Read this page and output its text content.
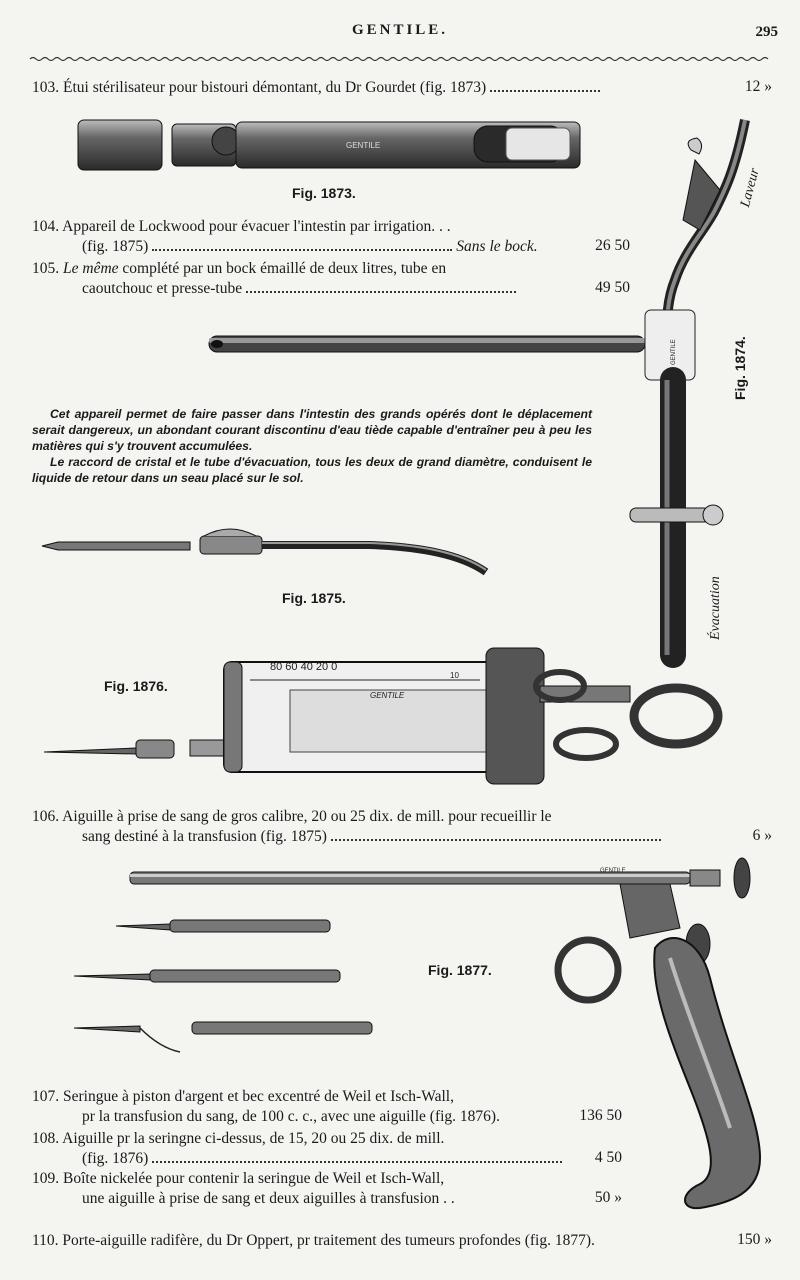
GENTILE.	295
103. Étui stérilisateur pour bistouri démontant, du Dr Gourdet (fig. 1873)	12 »
GENTILE
Fig. 1873.
104. Appareil de Lockwood pour évacuer l'intestin par irrigation. . .
(fig. 1875)	Sans le bock.	26 50
105. Le même complété par un bock émaillé de deux litres, tube en
caoutchouc et presse-tube	49 50
GENTILE	Fig. 1874.
Laveur
Évacuation

Cet appareil permet de faire passer dans l'intestin des grands opérés dont le déplacement serait dangereux, un abondant courant discontinu d'eau tiède capable d'entraîner peu à peu les matières qui s'y trouvent accumulées.

Le raccord de cristal et le tube d'évacuation, tous les deux de grand diamètre, conduisent le liquide de retour dans un seau placé sur le sol.

Fig. 1875.
Fig. 1876.
80 60 40 20 0
10
GENTILE
106. Aiguille à prise de sang de gros calibre, 20 ou 25 dix. de mill. pour recueillir le
sang destiné à la transfusion (fig. 1875)	6 »
GENTILE
Fig. 1877.
107. Seringue à piston d'argent et bec excentré de Weil et Isch-Wall,
pr la transfusion du sang, de 100 c. c., avec une aiguille (fig. 1876).	136 50
108. Aiguille pr la seringne ci-dessus, de 15, 20 ou 25 dix. de mill.
(fig. 1876)	4 50
109. Boîte nickelée pour contenir la seringue de Weil et Isch-Wall,
une aiguille à prise de sang et deux aiguilles à transfusion . .	50 »
110. Porte-aiguille radifère, du Dr Oppert, pr traitement des tumeurs profondes (fig. 1877).	150 »
